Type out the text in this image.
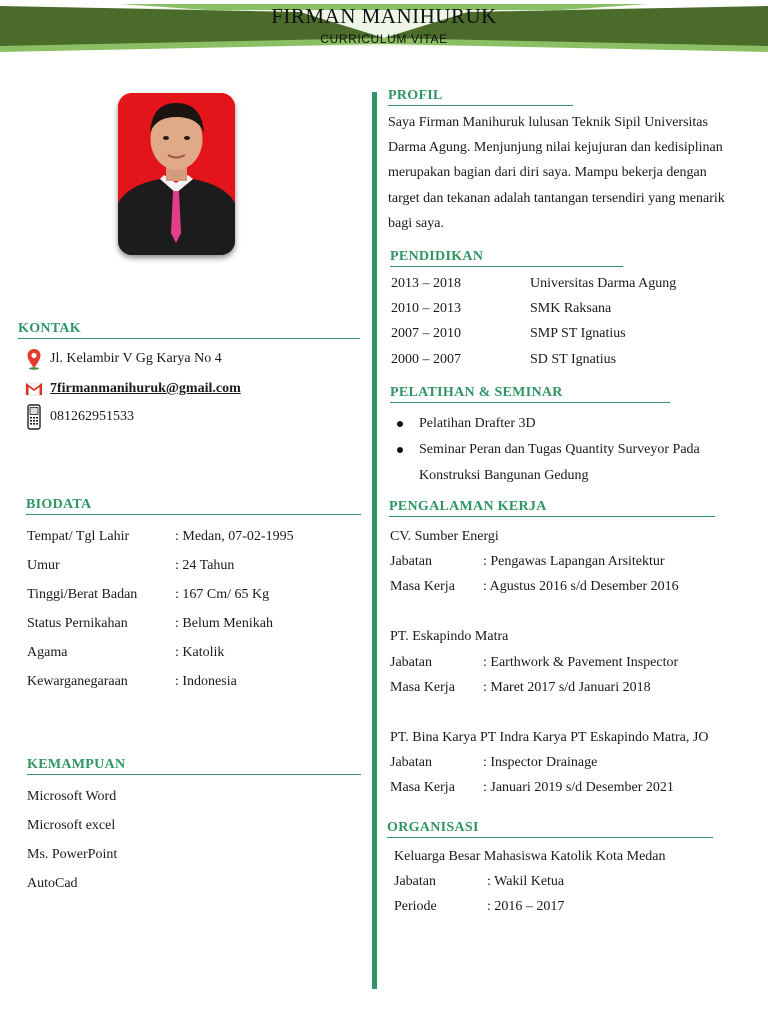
FIRMAN MANIHURUK
CURRICULUM VITAE
KONTAK
Jl. Kelambir V Gg Karya No 4
7firmanmanihuruk@gmail.com
081262951533
BIODATA
Tempat/ Tgl Lahir	: Medan, 07-02-1995
Umur	: 24 Tahun
Tinggi/Berat Badan	: 167 Cm/ 65 Kg
Status Pernikahan	: Belum Menikah
Agama	: Katolik
Kewarganegaraan	: Indonesia
KEMAMPUAN
Microsoft Word
Microsoft excel
Ms. PowerPoint
AutoCad
PROFIL
Saya Firman Manihuruk lulusan Teknik Sipil Universitas
Darma Agung. Menjunjung nilai kejujuran dan kedisiplinan
merupakan bagian dari diri saya. Mampu bekerja dengan
target dan tekanan adalah tantangan tersendiri yang menarik
bagi saya.
PENDIDIKAN
2013 – 2018	Universitas Darma Agung
2010 – 2013	SMK Raksana
2007 – 2010	SMP ST Ignatius
2000 – 2007	SD ST Ignatius
PELATIHAN & SEMINAR
Pelatihan Drafter 3D
Seminar Peran dan Tugas Quantity Surveyor Pada
Konstruksi Bangunan Gedung
PENGALAMAN KERJA
CV. Sumber Energi
Jabatan	: Pengawas Lapangan Arsitektur
Masa Kerja : Agustus 2016 s/d Desember 2016
PT. Eskapindo Matra
Jabatan	: Earthwork & Pavement Inspector
Masa Kerja : Maret 2017 s/d Januari 2018
PT. Bina Karya PT Indra Karya PT Eskapindo Matra, JO
Jabatan	: Inspector Drainage
Masa Kerja : Januari 2019 s/d Desember 2021
ORGANISASI
Keluarga Besar Mahasiswa Katolik Kota Medan
Jabatan	: Wakil Ketua
Periode	: 2016 – 2017
